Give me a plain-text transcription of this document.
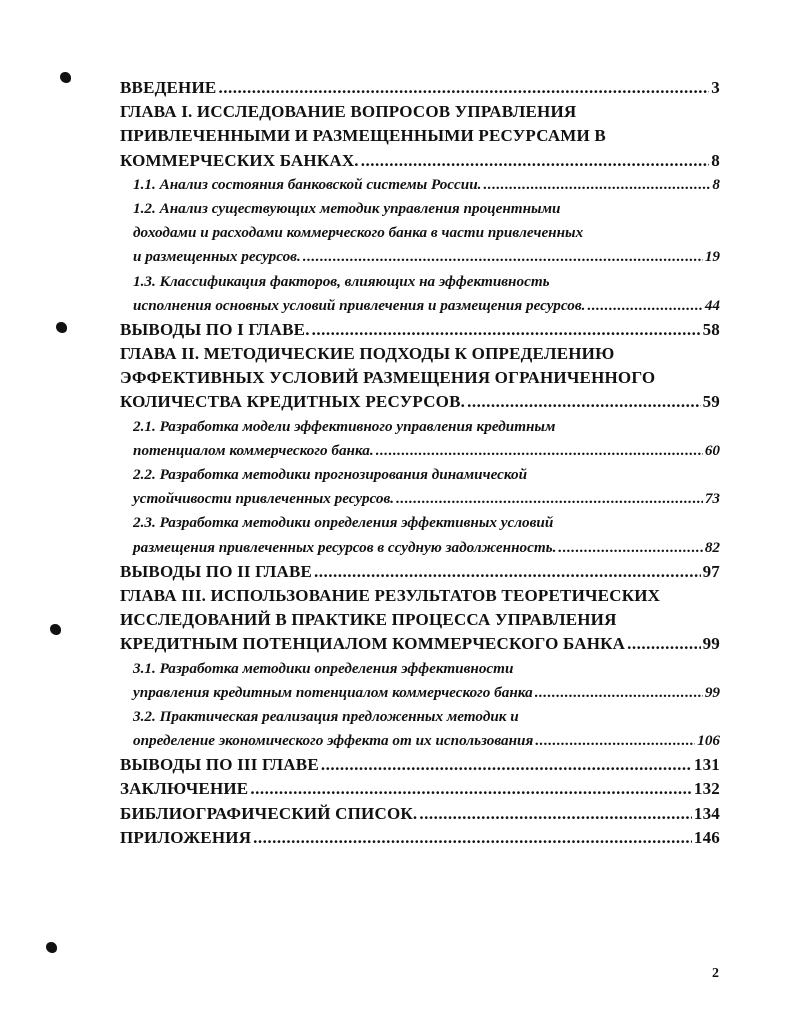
ВВЕДЕНИЕ .....	3
ГЛАВА I. ИССЛЕДОВАНИЕ ВОПРОСОВ УПРАВЛЕНИЯ
ПРИВЛЕЧЕННЫМИ И РАЗМЕЩЕННЫМИ РЕСУРСАМИ В
КОММЕРЧЕСКИХ БАНКАХ. .....	8
1.1. Анализ состояния банковской системы России. .....	8
1.2. Анализ существующих методик управления процентными
доходами и расходами коммерческого банка в части привлеченных
и размещенных ресурсов. .....	19
1.3. Классификация факторов, влияющих на эффективность
исполнения основных условий привлечения и размещения ресурсов. .....	44
ВЫВОДЫ ПО I ГЛАВЕ. .....	58
ГЛАВА II. МЕТОДИЧЕСКИЕ ПОДХОДЫ К ОПРЕДЕЛЕНИЮ
ЭФФЕКТИВНЫХ УСЛОВИЙ РАЗМЕЩЕНИЯ ОГРАНИЧЕННОГО
КОЛИЧЕСТВА КРЕДИТНЫХ РЕСУРСОВ. .....	59
2.1. Разработка модели эффективного управления кредитным
потенциалом коммерческого банка. .....	60
2.2. Разработка методики прогнозирования динамической
устойчивости привлеченных ресурсов. .....	73
2.3. Разработка методики определения эффективных условий
размещения привлеченных ресурсов в ссудную задолженность. .....	82
ВЫВОДЫ ПО II ГЛАВЕ .....	97
ГЛАВА III. ИСПОЛЬЗОВАНИЕ РЕЗУЛЬТАТОВ ТЕОРЕТИЧЕСКИХ
ИССЛЕДОВАНИЙ В ПРАКТИКЕ ПРОЦЕССА УПРАВЛЕНИЯ
КРЕДИТНЫМ ПОТЕНЦИАЛОМ КОММЕРЧЕСКОГО БАНКА .....	99
3.1. Разработка методики определения эффективности
управления кредитным потенциалом коммерческого банка .....	99
3.2. Практическая реализация предложенных методик и
определение экономического эффекта от их использования .....	106
ВЫВОДЫ ПО III ГЛАВЕ .....	131
ЗАКЛЮЧЕНИЕ .....	132
БИБЛИОГРАФИЧЕСКИЙ СПИСОК. .....	134
ПРИЛОЖЕНИЯ .....	146
2
